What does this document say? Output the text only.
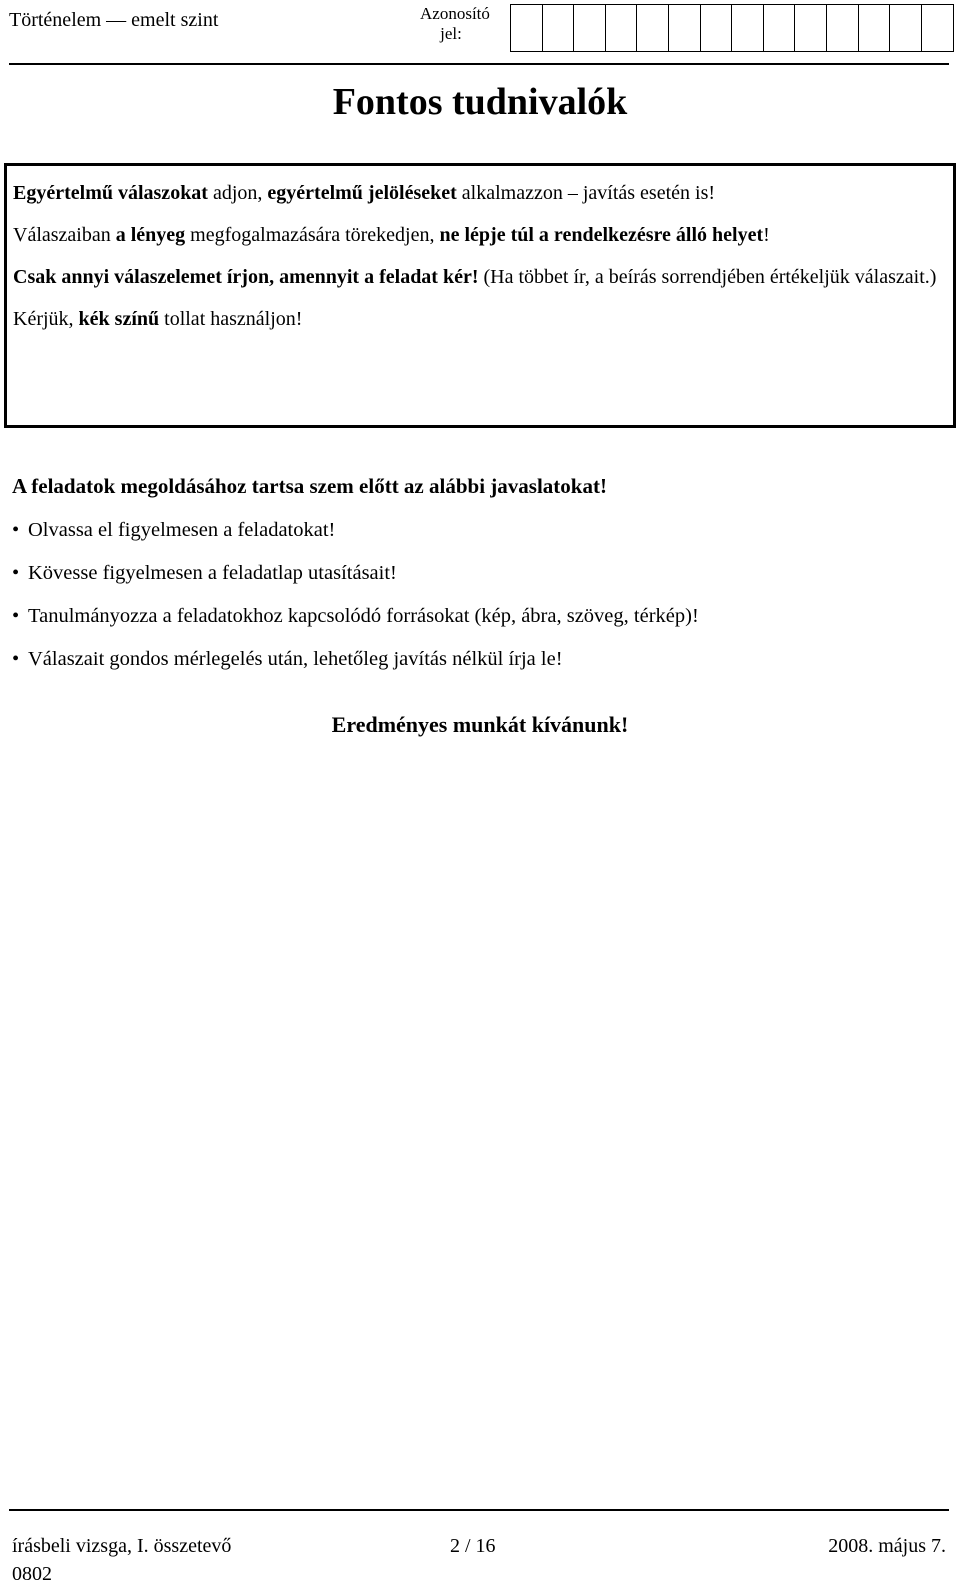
Történelem — emelt szint	Azonosító
jel:
Fontos tudnivalók

Egyértelmű válaszokat adjon, egyértelmű jelöléseket alkalmazzon – javítás esetén is!

Válaszaiban a lényeg megfogalmazására törekedjen, ne lépje túl a rendelkezésre álló helyet!

Csak annyi válaszelemet írjon, amennyit a feladat kér! (Ha többet ír, a beírás sorrendjében értékeljük válaszait.)

Kérjük, kék színű tollat használjon!

A feladatok megoldásához tartsa szem előtt az alábbi javaslatokat!
• Olvassa el figyelmesen a feladatokat!
• Kövesse figyelmesen a feladatlap utasításait!
• Tanulmányozza a feladatokhoz kapcsolódó forrásokat (kép, ábra, szöveg, térkép)!
• Válaszait gondos mérlegelés után, lehetőleg javítás nélkül írja le!
Eredményes munkát kívánunk!
írásbeli vizsga, I. összetevő
0802
2 / 16	2008. május 7.
